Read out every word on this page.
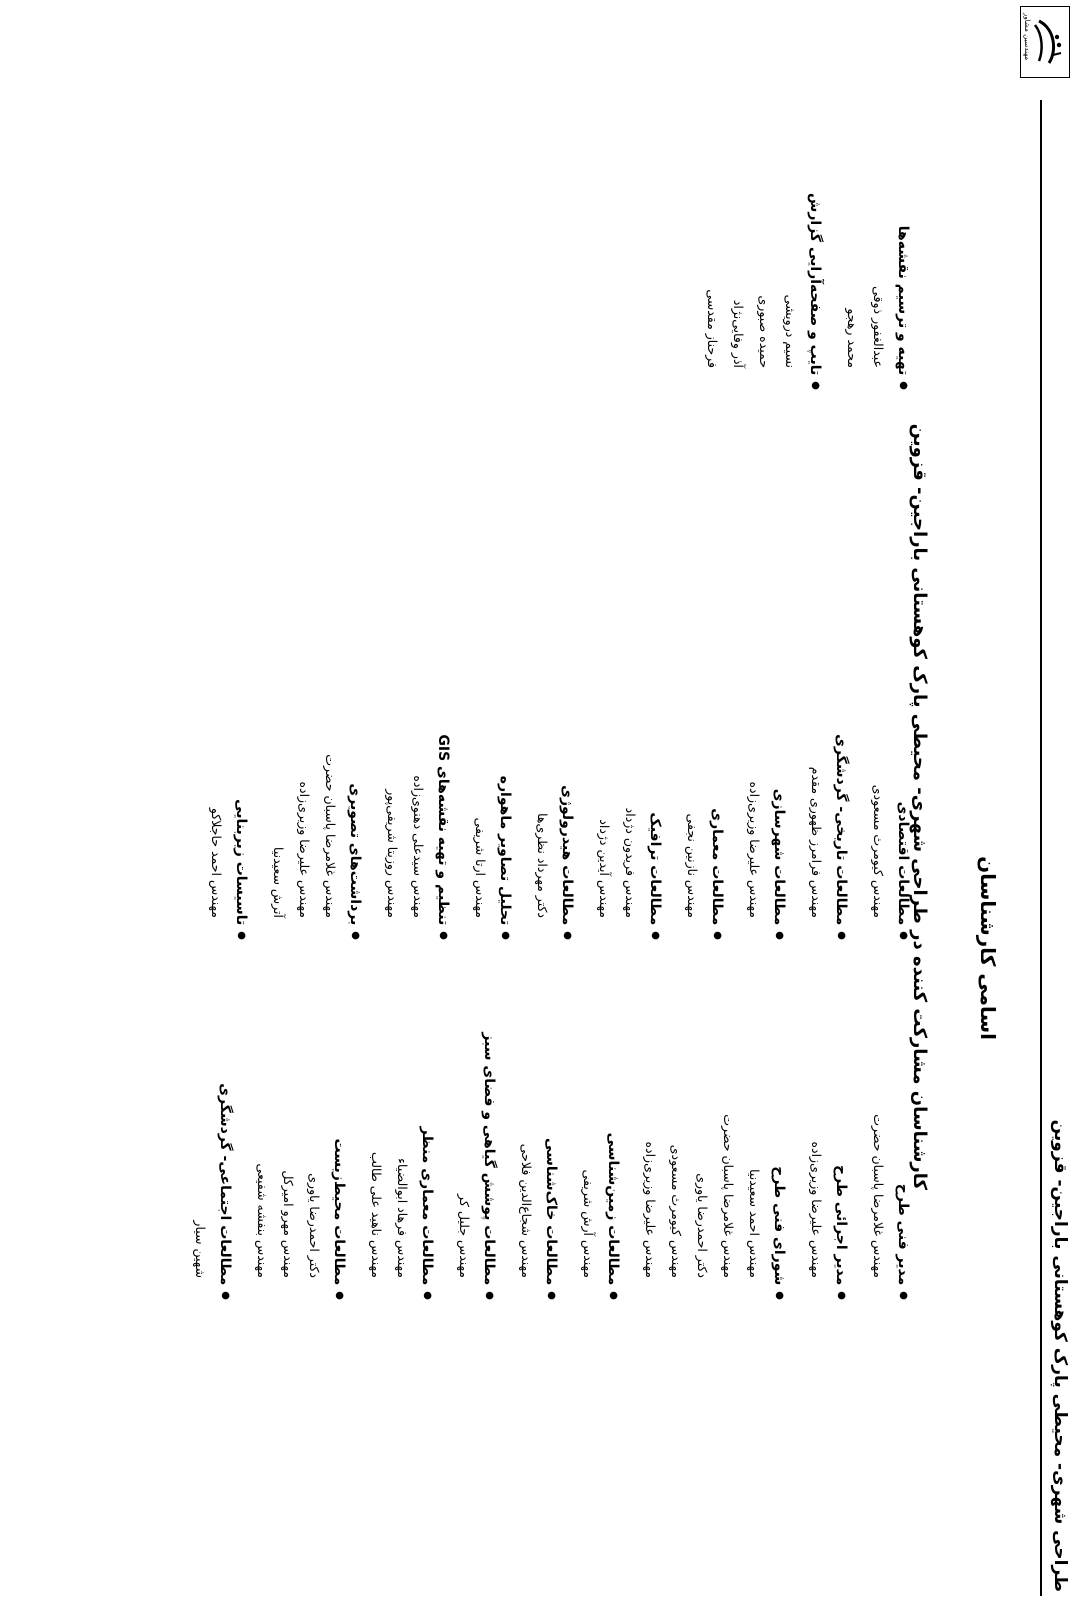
طراحی شهری- محیطی پارک کوهستانی باراجین- قزوین
مهندسین مشاور
اسامی کارشناسان
کارشناسان مشارکت کننده در طراحی شهری- محیطی پارک کوهستانی باراجین- قزوین
●مدیر فنی طرح
مهندس غلامرضا پاسبان حضرت
●مدیر اجرائی طرح
مهندس علیرضا وزیری‌زاده
●شورای فنی طرح
مهندس احمد سعیدنیا
مهندس غلامرضا پاسبان حضرت
دکتر احمدرضا یاوری
مهندس کیومرث مسعودی
مهندس علیرضا وزیری‌زاده
●مطالعات زمین‌شناسی
مهندس آرش شریفی
●مطالعات خاک‌شناسی
مهندس شجاع‌الدین فلاحی
●مطالعات پوشش گیاهی و فضای سبز
مهندس جلیل کر
●مطالعات معماری منظر
مهندس فرهاد ابوالضیاء
مهندس ناهید علی طالب
●مطالعات محیط‌زیست
دکتر احمدرضا یاوری
مهندس مهرو امیرکل
مهندس بنفشه شفیعی
●مطالعات اجتماعی- گردشگری
شهین سیار
●مطالعات اقتصادی
مهندس کیومرث مسعودی
●مطالعات تاریخی- گردشگری
مهندس فرامرز ظهوری مقدم
●مطالعات شهرسازی
مهندس علیرضا وزیری‌زاده
●مطالعات معماری
مهندس نازنین نجفی
●مطالعات ترافیک
مهندس فریدون دژداد
مهندس آیدین دژداد
●مطالعات هیدرولوژی
دکتر مهرداد نظری‌ها
●تحلیل تصاویر ماهواره
مهندس ارتا شریفی
●تنظیم و تهیه نقشه‌های GIS
مهندس سیدعلی دهنوی‌زاده
مهندس روزبتا شریفی‌پور
●برداشت‌های تصویری
مهندس غلامرضا پاسبان حضرت
مهندس علیرضا وزیری‌زاده
آترش سعیدنیا
●تاسیسات زیربنایی
مهندس احمد حاجلاکو
●تهیه و ترسیم نقشه‌ها
عبدالغفور ذوقی
محمد رهجو
●تایپ و صفحه‌آرایی گزارش
نسیم درویشی
حمیده صبوری
آذر وفایی‌نژاد
فرحناز مقدسی
